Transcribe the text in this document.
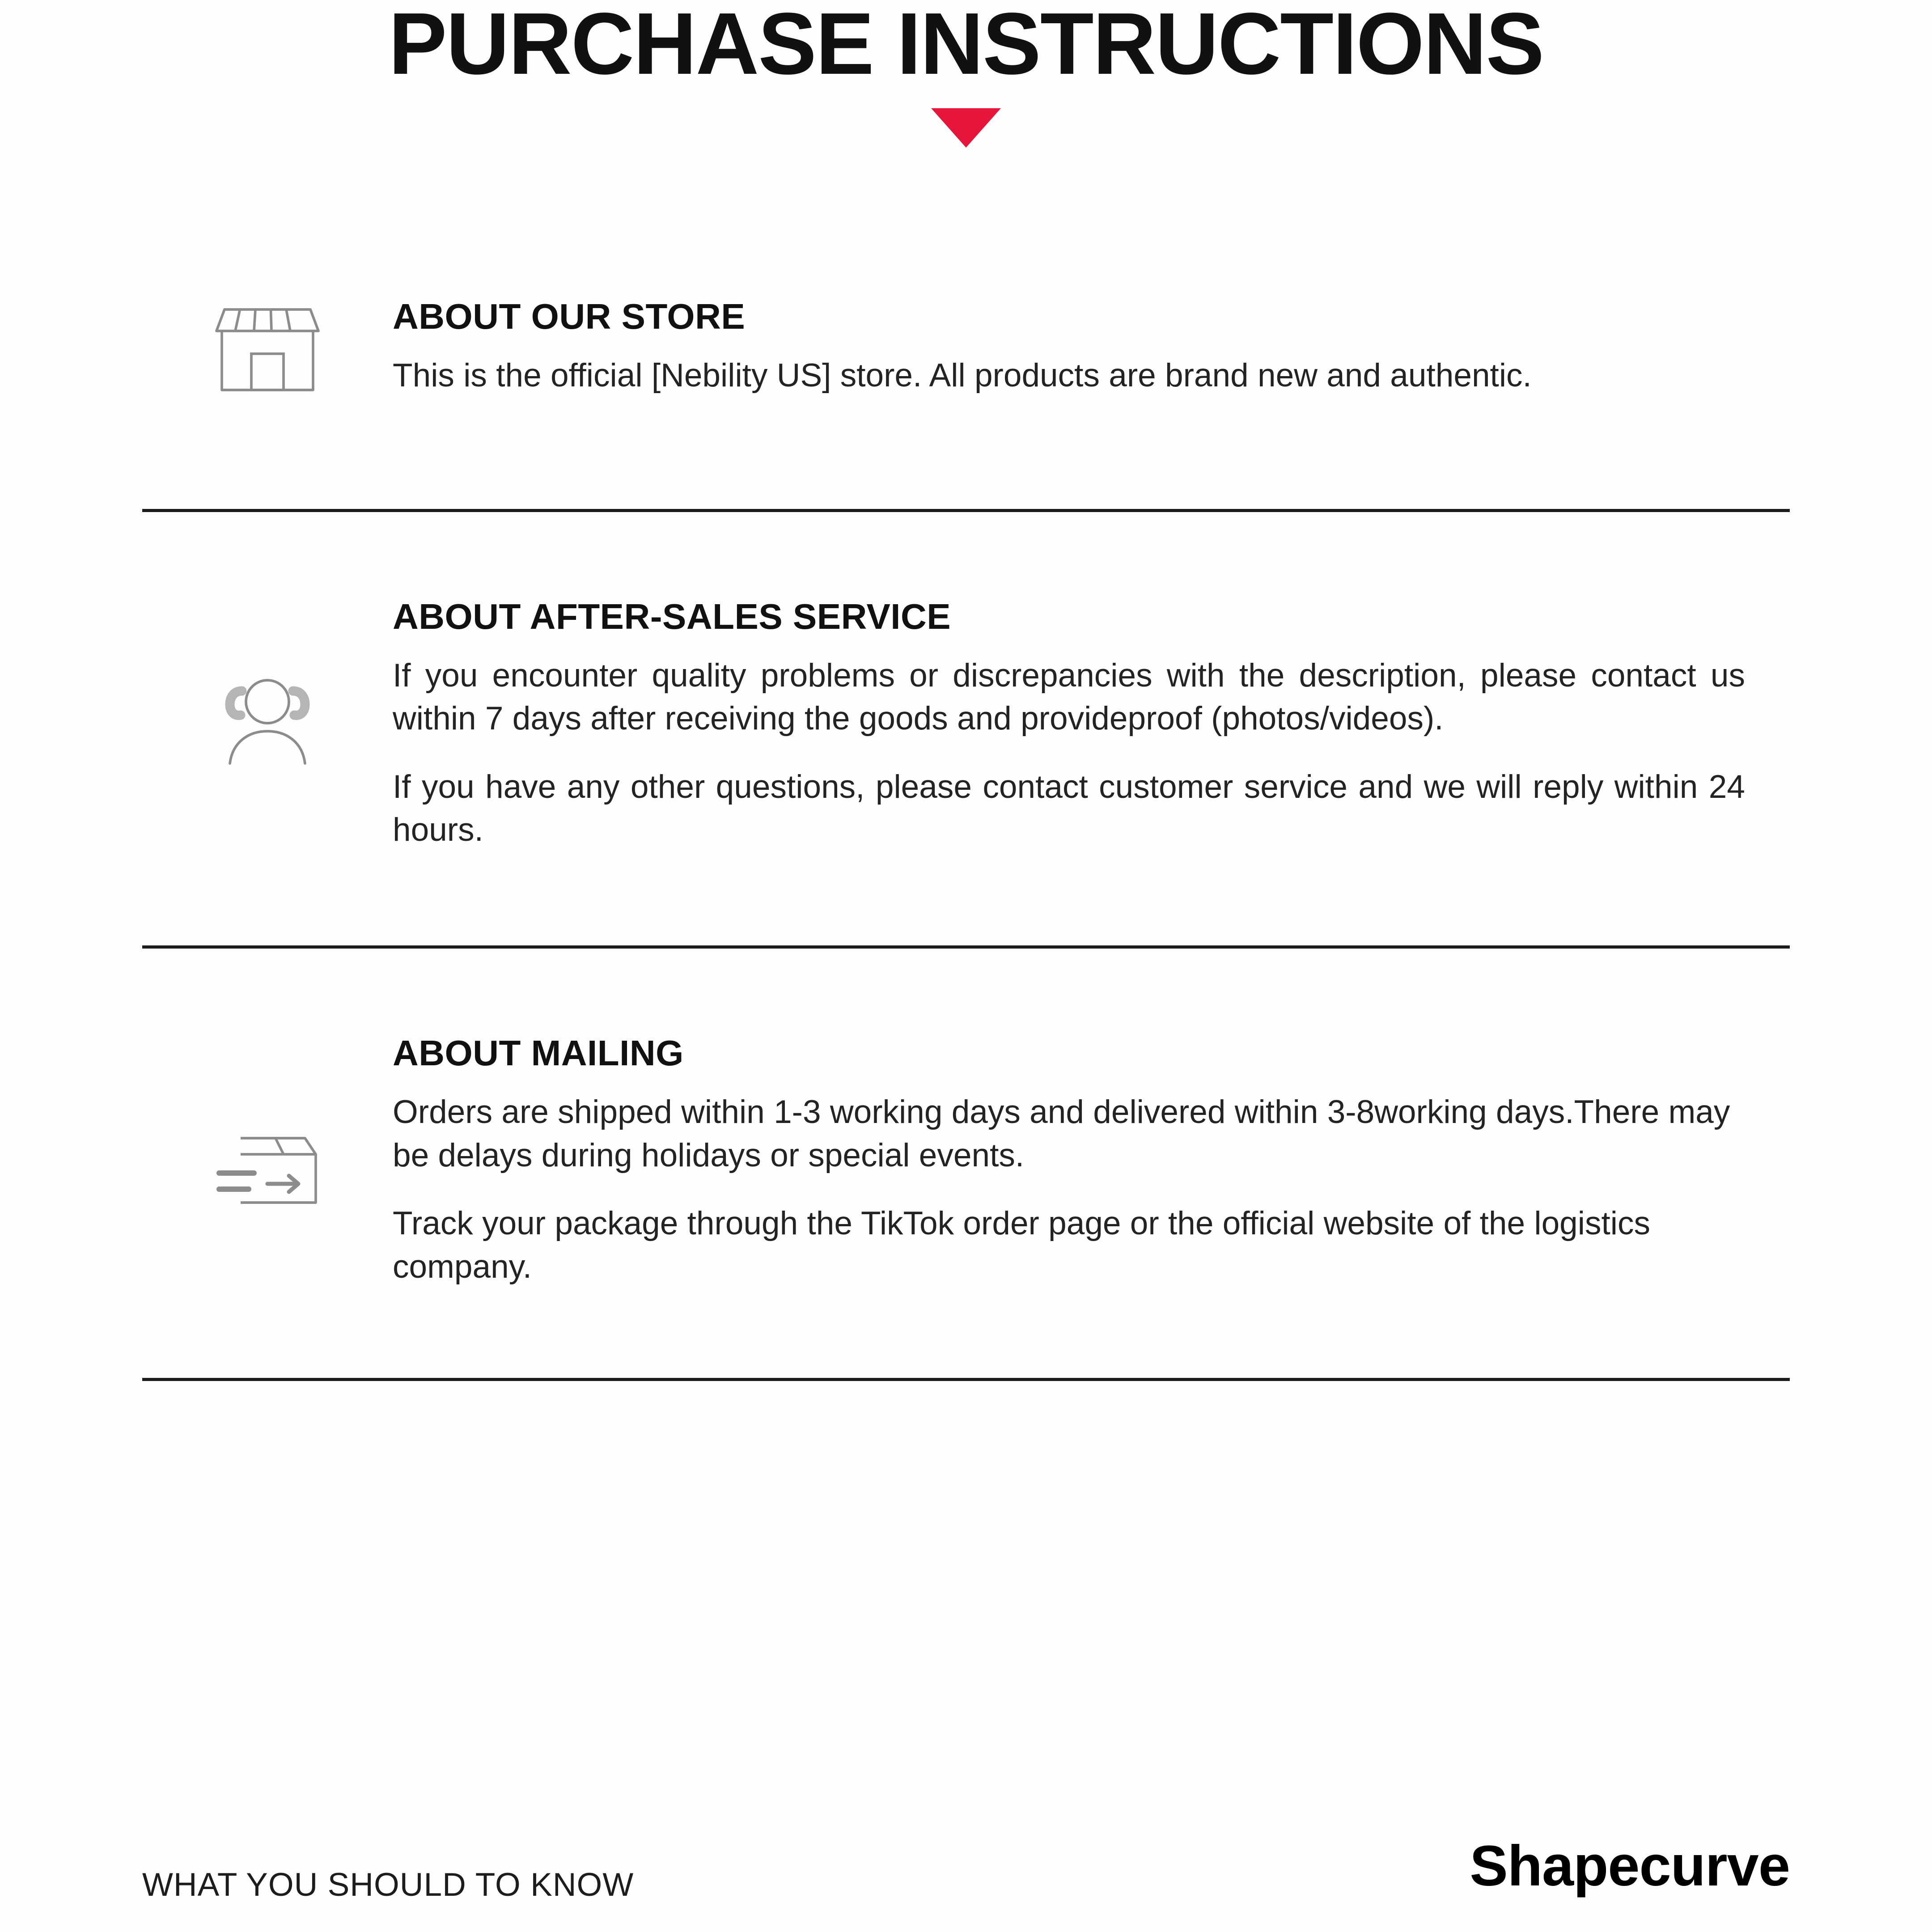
PURCHASE INSTRUCTIONS
ABOUT OUR STORE

This is the official [Nebility US] store. All products are brand new and authentic.

ABOUT AFTER-SALES SERVICE

If you encounter quality problems or discrepancies with the description, please contact us within 7 days after receiving the goods and provideproof (photos/videos).

If you have any other questions, please contact customer service and we will reply within 24 hours.

ABOUT MAILING

Orders are shipped within 1-3 working days and delivered within 3-8working days.There may be delays during holidays or special events.

Track your package through the TikTok order page or the official website of the logistics company.

WHAT YOU SHOULD TO KNOW	Shapecurve
